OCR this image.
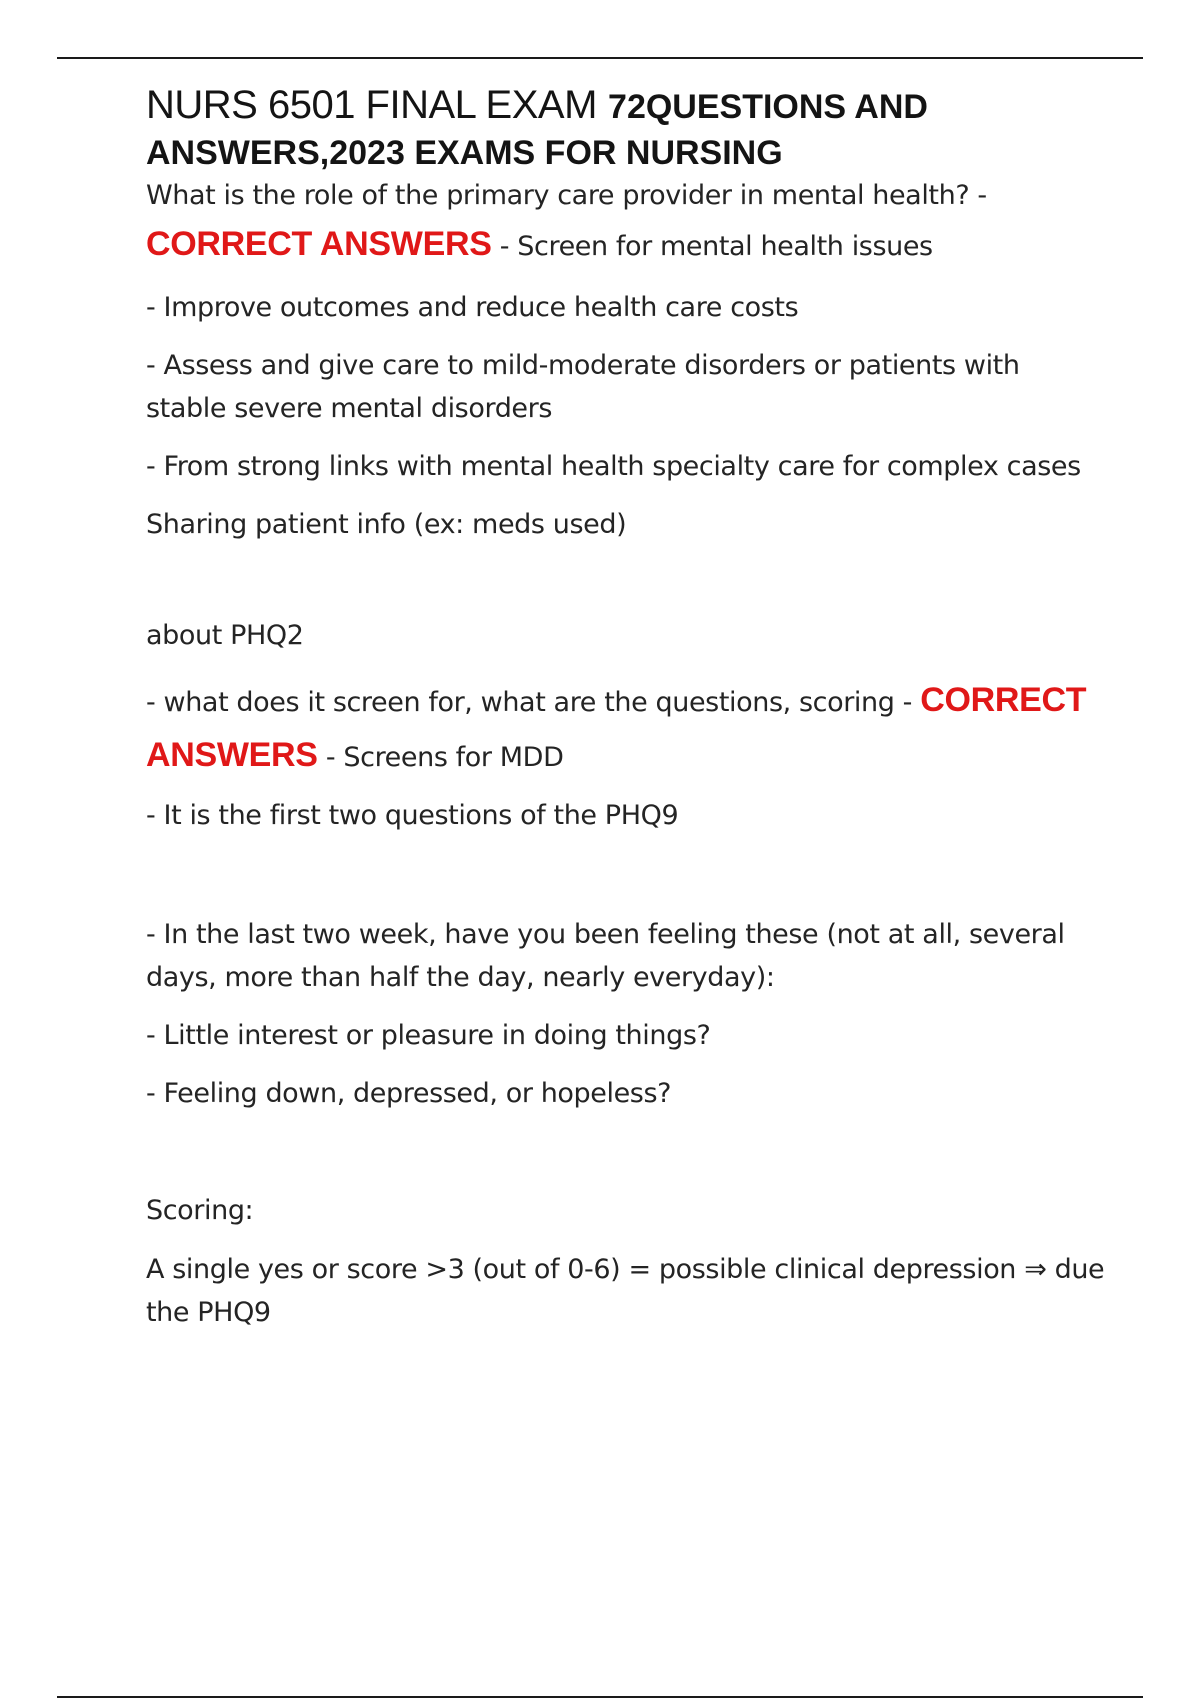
NURS 6501 FINAL EXAM 72QUESTIONS AND
ANSWERS,2023 EXAMS FOR NURSING

What is the role of the primary care provider in mental health? -

CORRECT ANSWERS - Screen for mental health issues

- Improve outcomes and reduce health care costs

- Assess and give care to mild-moderate disorders or patients with stable severe mental disorders

- From strong links with mental health specialty care for complex cases

Sharing patient info (ex: meds used)

about PHQ2

- what does it screen for, what are the questions, scoring - CORRECT
ANSWERS - Screens for MDD

- It is the first two questions of the PHQ9

- In the last two week, have you been feeling these (not at all, several days, more than half the day, nearly everyday):

- Little interest or pleasure in doing things?

- Feeling down, depressed, or hopeless?

Scoring:

A single yes or score >3 (out of 0-6) = possible clinical depression ⇒ due the PHQ9
